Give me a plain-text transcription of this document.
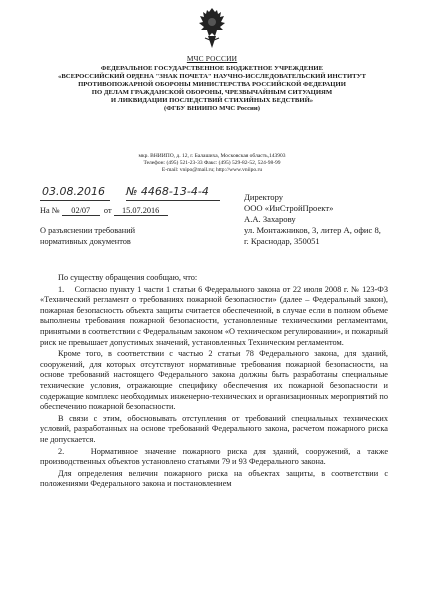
МЧС РОССИИ
ФЕДЕРАЛЬНОЕ ГОСУДАРСТВЕННОЕ БЮДЖЕТНОЕ УЧРЕЖДЕНИЕ
«ВСЕРОССИЙСКИЙ ОРДЕНА "ЗНАК ПОЧЕТА" НАУЧНО-ИССЛЕДОВАТЕЛЬСКИЙ ИНСТИТУТ
ПРОТИВОПОЖАРНОЙ ОБОРОНЫ МИНИСТЕРСТВА РОССИЙСКОЙ ФЕДЕРАЦИИ
ПО ДЕЛАМ ГРАЖДАНСКОЙ ОБОРОНЫ, ЧРЕЗВЫЧАЙНЫМ СИТУАЦИЯМ
И ЛИКВИДАЦИИ ПОСЛЕДСТВИЙ СТИХИЙНЫХ БЕДСТВИЙ»
(ФГБУ ВНИИПО МЧС России)
мкр. ВНИИПО, д. 12, г. Балашиха, Московская область,143903
Телефон: (495) 521-23-33 Факс: (495) 529-82-52, 524-98-99
E-mail: vnipo@mail.ru; http://www.vniipo.ru
03.08.2016 № 4468-13-4-4
На № 02/07 от 15.07.2016
О разъяснении требований
нормативных документов
Директору
ООО «ИнСтройПроект»
А.А. Захарову
ул. Монтажников, 3, литер А, офис 8,
г. Краснодар, 350051

По существу обращения сообщаю, что:

1.    Согласно пункту 1 части 1 статьи 6 Федерального закона от 22 июля 2008 г. № 123-ФЗ «Технический регламент о требованиях пожарной безопасности» (далее – Федеральный закон), пожарная безопасность объекта защиты считается обеспеченной, в случае если в полном объеме выполнены требования пожарной безопасности, установленные техническими регламентами, принятыми в соответствии с Федеральным законом «О техническом регулировании», и пожарный риск не превышает допустимых значений, установленных Техническим регламентом.

Кроме того, в соответствии с частью 2 статьи 78 Федерального закона, для зданий, сооружений, для которых отсутствуют нормативные требования пожарной безопасности, на основе требований настоящего Федерального закона должны быть разработаны специальные технические условия, отражающие специфику обеспечения их пожарной безопасности и содержащие комплекс необходимых инженерно-технических и организационных мероприятий по обеспечению пожарной безопасности.

В связи с этим, обосновывать отступления от требований специальных технических условий, разработанных на основе требований Федерального закона, расчетом пожарного риска не допускается.

2.    Нормативное значение пожарного риска для зданий, сооружений, а также производственных объектов установлено статьями 79 и 93 Федерального закона.

Для определения величин пожарного риска на объектах защиты, в соответствии с положениями Федерального закона и постановлением
